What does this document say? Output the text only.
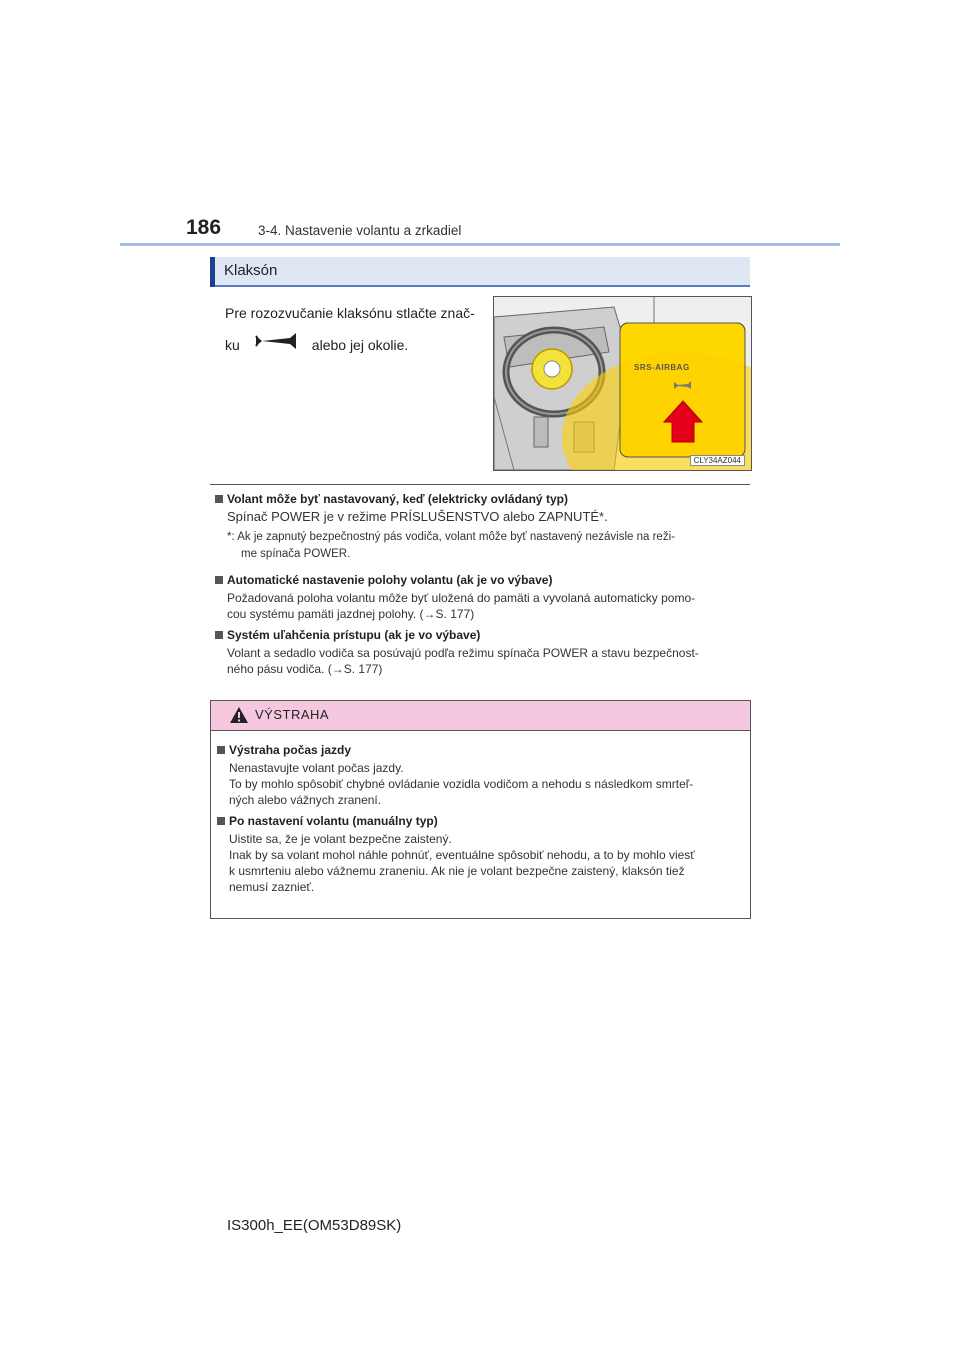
186	3-4. Nastavenie volantu a zrkadiel
Klaksón
Pre rozozvučanie klaksónu stlačte znač-
ku	alebo jej okolie.
SRS-AIRBAG
CLY34AZ044
Volant môže byť nastavovaný, keď (elektricky ovládaný typ)
Spínač POWER je v režime PRÍSLUŠENSTVO alebo ZAPNUTÉ*.
*: Ak je zapnutý bezpečnostný pás vodiča, volant môže byť nastavený nezávisle na reži-
me spínača POWER.
Automatické nastavenie polohy volantu (ak je vo výbave)
Požadovaná poloha volantu môže byť uložená do pamäti a vyvolaná automaticky pomo-
cou systému pamäti jazdnej polohy. (→S. 177)
Systém uľahčenia prístupu (ak je vo výbave)
Volant a sedadlo vodiča sa posúvajú podľa režimu spínača POWER a stavu bezpečnost-
ného pásu vodiča. (→S. 177)
VÝSTRAHA
Výstraha počas jazdy
Nenastavujte volant počas jazdy.
To by mohlo spôsobiť chybné ovládanie vozidla vodičom a nehodu s následkom smrteľ-
ných alebo vážnych zranení.
Po nastavení volantu (manuálny typ)
Uistite sa, že je volant bezpečne zaistený.
Inak by sa volant mohol náhle pohnúť, eventuálne spôsobiť nehodu, a to by mohlo viesť
k usmrteniu alebo vážnemu zraneniu. Ak nie je volant bezpečne zaistený, klaksón tiež
nemusí zaznieť.
IS300h_EE(OM53D89SK)
